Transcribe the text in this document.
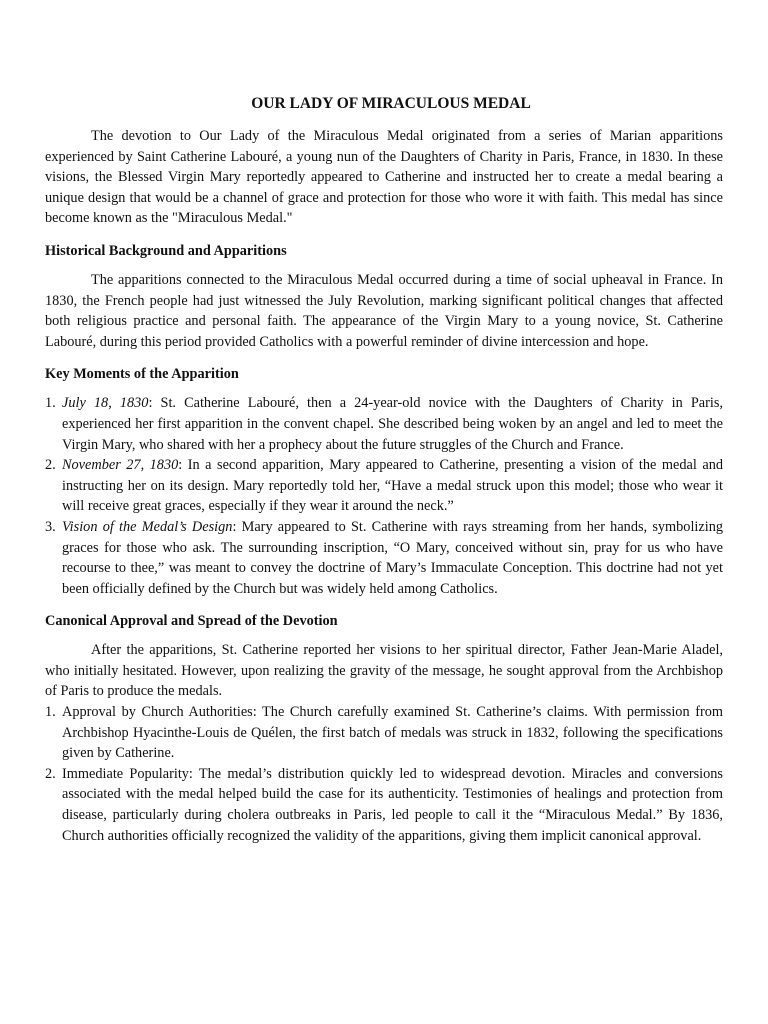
OUR LADY OF MIRACULOUS MEDAL

The devotion to Our Lady of the Miraculous Medal originated from a series of Marian apparitions experienced by Saint Catherine Labouré, a young nun of the Daughters of Charity in Paris, France, in 1830. In these visions, the Blessed Virgin Mary reportedly appeared to Catherine and instructed her to create a medal bearing a unique design that would be a channel of grace and protection for those who wore it with faith. This medal has since become known as the "Miraculous Medal."

Historical Background and Apparitions

The apparitions connected to the Miraculous Medal occurred during a time of social upheaval in France. In 1830, the French people had just witnessed the July Revolution, marking significant political changes that affected both religious practice and personal faith. The appearance of the Virgin Mary to a young novice, St. Catherine Labouré, during this period provided Catholics with a powerful reminder of divine intercession and hope.

Key Moments of the Apparition
1. July 18, 1830: St. Catherine Labouré, then a 24-year-old novice with the Daughters of Charity in Paris, experienced her first apparition in the convent chapel. She described being woken by an angel and led to meet the Virgin Mary, who shared with her a prophecy about the future struggles of the Church and France.
2. November 27, 1830: In a second apparition, Mary appeared to Catherine, presenting a vision of the medal and instructing her on its design. Mary reportedly told her, “Have a medal struck upon this model; those who wear it will receive great graces, especially if they wear it around the neck.”
3. Vision of the Medal’s Design: Mary appeared to St. Catherine with rays streaming from her hands, symbolizing graces for those who ask. The surrounding inscription, “O Mary, conceived without sin, pray for us who have recourse to thee,” was meant to convey the doctrine of Mary’s Immaculate Conception. This doctrine had not yet been officially defined by the Church but was widely held among Catholics.
Canonical Approval and Spread of the Devotion

After the apparitions, St. Catherine reported her visions to her spiritual director, Father Jean-Marie Aladel, who initially hesitated. However, upon realizing the gravity of the message, he sought approval from the Archbishop of Paris to produce the medals.

1. Approval by Church Authorities: The Church carefully examined St. Catherine’s claims. With permission from Archbishop Hyacinthe-Louis de Quélen, the first batch of medals was struck in 1832, following the specifications given by Catherine.
2. Immediate Popularity: The medal’s distribution quickly led to widespread devotion. Miracles and conversions associated with the medal helped build the case for its authenticity. Testimonies of healings and protection from disease, particularly during cholera outbreaks in Paris, led people to call it the “Miraculous Medal.” By 1836, Church authorities officially recognized the validity of the apparitions, giving them implicit canonical approval.
